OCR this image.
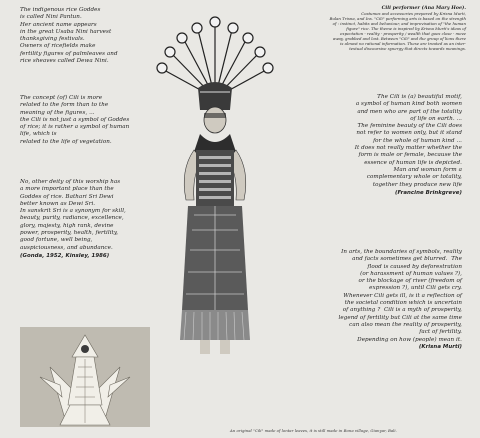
The indigenous rice Goddes
is called Nini Pantun.
Her ancient name appears
in the great Usaba Nini harvest
thanksgiving festivals.
Owners of ricefields make
fertility figures of palmleaves and
rice sheaves called Dewa Nini.
The concept (of) Cili is more
related to the form than to the
meaning of the figures, ...
the Cili is not just a symbol of Goddes
of rice; it is rather a symbol of human
life, which is
related to the life of vegetation.
No, other deity of this worship has
a more important place than the
Goddes of rice. Bathari Sri Dewi
better known as Dewi Sri.
In sanskrit Sri is a synonym for skill,
beauty, purity, radiance, excellence,
glory, majesty, high rank, devine
power, prosperity, health, fertility,
good fortune, well being,
auspiciousness, and abundance.
(Gonda, 1952, Kinsley, 1986)
Cili performer (Ana Mary Hoe).
Costumes and accessories prepared by Krisna Murti,
Bulan Trisna, and Ins. "Cili" performing arts is based on the strength
of : instinct, habits and behaviour, and improvisation of "the human
figure" rice. The theme is inspired by Krisna Murti's ideas of
expectation - reality - prosperity / wealth that goes close - move
away, grabbed and lost. Between "Cili" and the group of lions there
is almost no rational information. These are treated as an inter-
textual discoursive synergy that directs towards meanings.
The Cili is (a) beautiful motif,
a symbol of human kind both women
and men who are part of the totality
of life on earth. ...
The feminine beauty of the Cili does
not refer to women only, but it stand
for the whole of human kind ...
It does not really matter whether the
form is male or female, because the
essence of human life is depicted.
Man and woman form a
complementary whole or totality,
together they produce new life
(Francine Brinkgreve)
In arts, the boundaries of symbols, reality
and facts sometimes get blurred.  The
flood is caused by deforestration
(or harassment of human values ?),
or the blockage of river (freedom of
expression ?), until Cili gets cry.
Whenever Cili gets ill, is it a reflection of
the societal condition which is uncertain
of anything ?  Cili is a myth of prosperity,
legend of fertility but Cili at the same time
can also mean the reality of prosperity,
fact of fertility.
Depending on how (people) mean it.
(Krisna Murti)
An original "Cili" made of lontar leaves, it is still made in Bona village, Gianyar, Bali.
